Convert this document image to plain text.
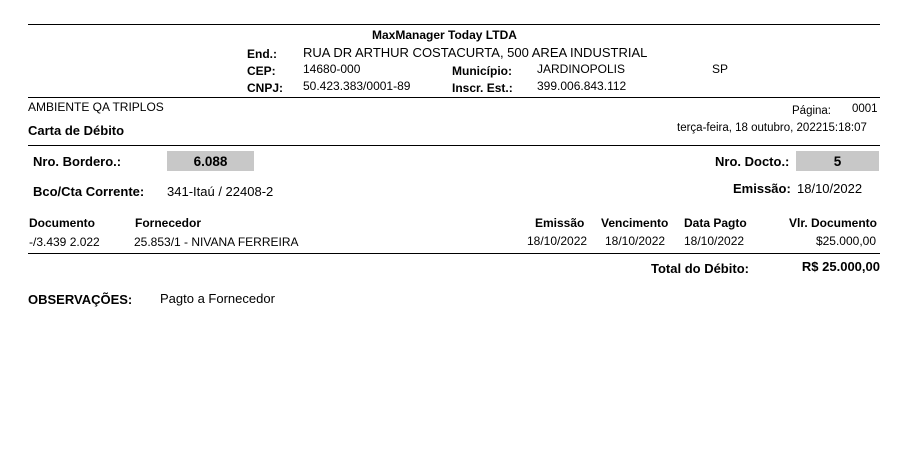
MaxManager Today LTDA
End.: RUA DR ARTHUR COSTACURTA, 500 AREA INDUSTRIAL
CEP: 14680-000	Município: JARDINOPOLIS	SP
CNPJ: 50.423.383/0001-89	Inscr. Est.: 399.006.843.112
AMBIENTE QA TRIPLOS	Página: 0001
Carta de Débito	terça-feira, 18 outubro, 202215:18:07
Nro. Bordero.:	6.088	Nro. Docto.:	5
Bco/Cta Corrente: 341-Itaú / 22408-2	Emissão: 18/10/2022
Documento	Fornecedor	Emissão Vencimento Data Pagto	Vlr. Documento
-/3.439 2.022	25.853/1 - NIVANA FERREIRA	18/10/2022 18/10/2022 18/10/2022	$25.000,00
Total do Débito:	R$ 25.000,00
OBSERVAÇÕES: Pagto a Fornecedor
